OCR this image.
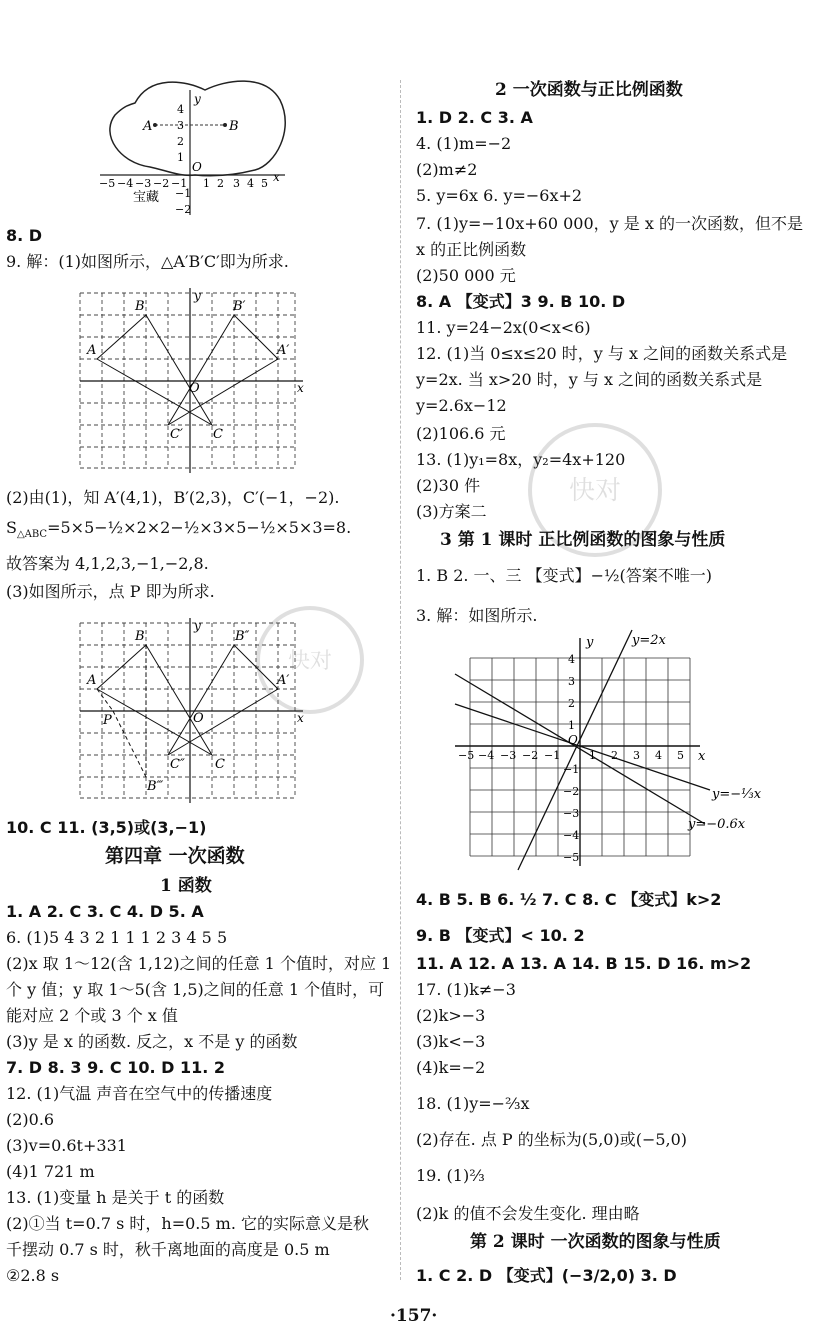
A	B
x
y
O
−5 −4 −3 −2 −1 1 2 3 4 5
4
3
2
1
−1
−2
宝藏
8. D
9. 解：(1)如图所示，△A′B′C′即为所求.
B	B′
A	A′
O
C′ C
x
y
(2)由(1)，知 A′(4,1)，B′(2,3)，C′(−1，−2).
$S_{\triangle ABC}=5\times 5-\frac{1}{2}\times 2\times 2-\frac{1}{2}\times 3\times 5-\frac{1}{2}\times 5\times 3=8$.
故答案为 4,1,2,3,−1,−2,8.
(3)如图所示，点 P 即为所求.
B	B″
A	A′
P	O
C″ C
B‴
x
y
10. C 11. (3,5)或(3,−1)
第四章 一次函数
1 函数
1. A 2. C 3. C 4. D 5. A
6. (1)5 4 3 2 1 1 1 2 3 4 5 5
(2)x 取 1～12(含 1,12)之间的任意 1 个值时，对应 1
个 y 值；y 取 1～5(含 1,5)之间的任意 1 个值时，可
能对应 2 个或 3 个 x 值
(3)y 是 x 的函数. 反之，x 不是 y 的函数
7. D 8. 3 9. C 10. D 11. 2
12. (1)气温 声音在空气中的传播速度
(2)0.6
(3)v=0.6t+331
(4)1 721 m
13. (1)变量 h 是关于 t 的函数
(2)①当 t=0.7 s 时，h=0.5 m. 它的实际意义是秋
千摆动 0.7 s 时，秋千离地面的高度是 0.5 m
②2.8 s
2 一次函数与正比例函数
1. D 2. C 3. A
4. (1)m=−2
(2)m≠2
5. y=6x 6. y=−6x+2
7. (1)y=−10x+60 000，y 是 x 的一次函数，但不是
x 的正比例函数
(2)50 000 元
8. A 【变式】3 9. B 10. D
11. y=24−2x(0<x<6)
12. (1)当 0≤x≤20 时，y 与 x 之间的函数关系式是
y=2x. 当 x>20 时，y 与 x 之间的函数关系式是
y=2.6x−12
(2)106.6 元
13. (1)y₁=8x，y₂=4x+120
(2)30 件
(3)方案二
3 第 1 课时 正比例函数的图象与性质
1. B 2. 一、三 【变式】−½(答案不唯一)
3. 解：如图所示.
y=2x
y=−⅓x
y=−0.6x
x
y
O
−5 −4 −3 −2 −1	1 2 3 4 5
4
3
2
1
−1
−2
−3
−4
−5
4. B 5. B 6. ½ 7. C 8. C 【变式】k>2
9. B 【变式】< 10. 2
11. A 12. A 13. A 14. B 15. D 16. m>2
17. (1)k≠−3
(2)k>−3
(3)k<−3
(4)k=−2
18. (1)y=−⅔x
(2)存在. 点 P 的坐标为(5,0)或(−5,0)
19. (1)⅔
(2)k 的值不会发生变化. 理由略
第 2 课时 一次函数的图象与性质
1. C 2. D 【变式】(−3/2,0) 3. D
快对
快对
·157·
